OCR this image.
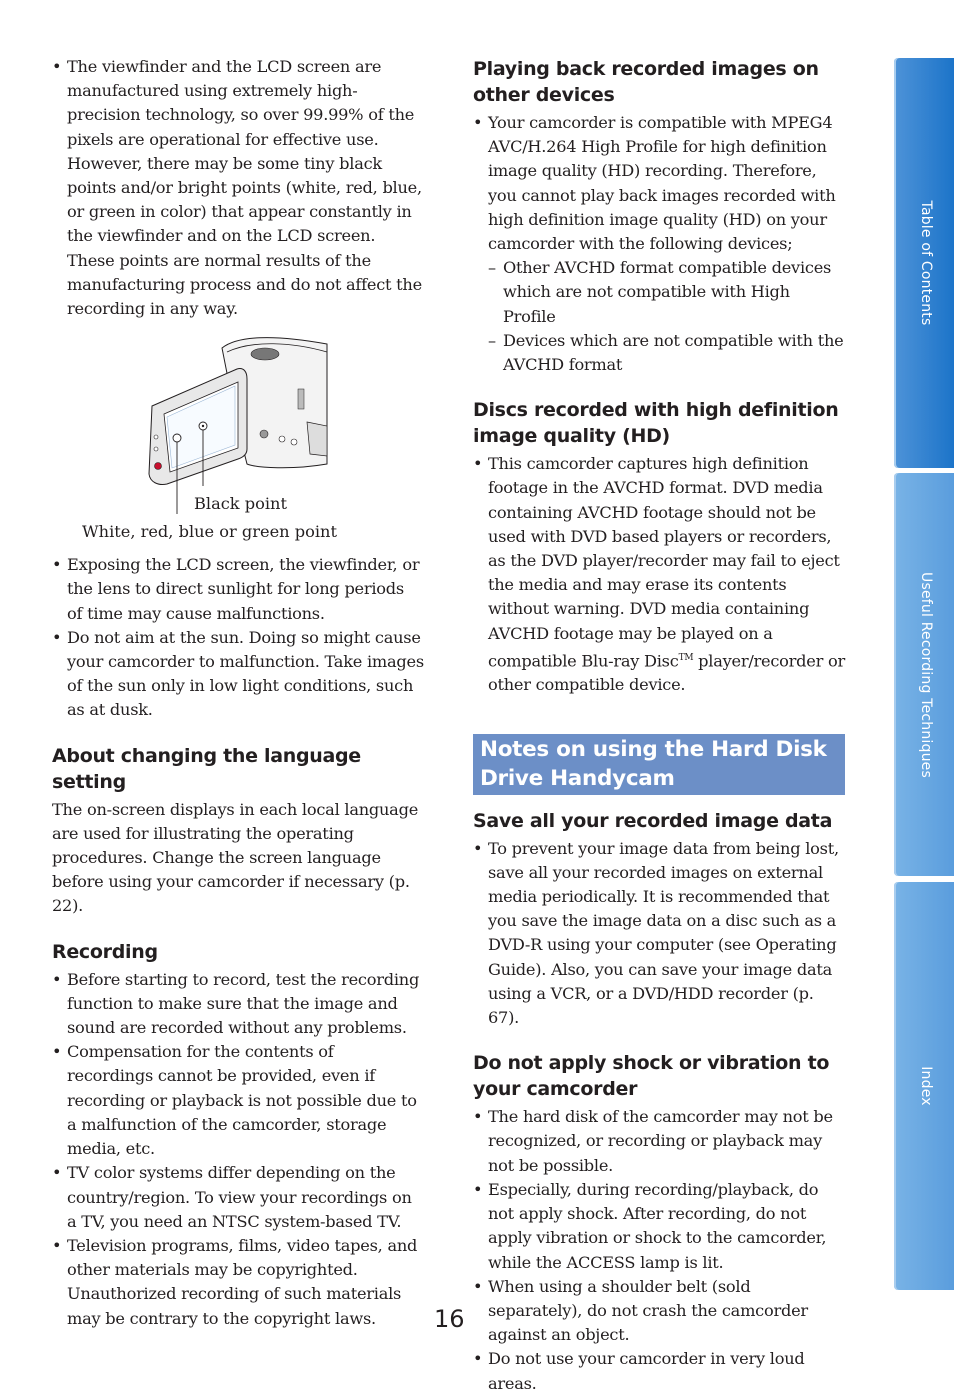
• The viewfinder and the LCD screen are manufactured using extremely high-precision technology, so over 99.99% of the pixels are operational for effective use. However, there may be some tiny black points and/or bright points (white, red, blue, or green in color) that appear constantly in the viewfinder and on the LCD screen. These points are normal results of the manufacturing process and do not affect the recording in any way.
Black point
White, red, blue or green point
• Exposing the LCD screen, the viewfinder, or the lens to direct sunlight for long periods of time may cause malfunctions.
• Do not aim at the sun. Doing so might cause your camcorder to malfunction. Take images of the sun only in low light conditions, such as at dusk.
About changing the language setting

The on-screen displays in each local language are used for illustrating the operating procedures. Change the screen language before using your camcorder if necessary (p. 22).

Recording
• Before starting to record, test the recording function to make sure that the image and sound are recorded without any problems.
• Compensation for the contents of recordings cannot be provided, even if recording or playback is not possible due to a malfunction of the camcorder, storage media, etc.
• TV color systems differ depending on the country/region. To view your recordings on a TV, you need an NTSC system-based TV.
• Television programs, films, video tapes, and other materials may be copyrighted. Unauthorized recording of such materials may be contrary to the copyright laws.
Playing back recorded images on other devices
• Your camcorder is compatible with MPEG4 AVC/H.264 High Profile for high definition image quality (HD) recording. Therefore, you cannot play back images recorded with high definition image quality (HD) on your camcorder with the following devices;
– Other AVCHD format compatible devices which are not compatible with High Profile
– Devices which are not compatible with the AVCHD format
Discs recorded with high definition image quality (HD)
• This camcorder captures high definition footage in the AVCHD format. DVD media containing AVCHD footage should not be used with DVD based players or recorders, as the DVD player/recorder may fail to eject the media and may erase its contents without warning. DVD media containing AVCHD footage may be played on a compatible Blu-ray Disc™ player/recorder or other compatible device.
Notes on using the Hard Disk Drive Handycam
Save all your recorded image data
• To prevent your image data from being lost, save all your recorded images on external media periodically. It is recommended that you save the image data on a disc such as a DVD-R using your computer (see Operating Guide). Also, you can save your image data using a VCR, or a DVD/HDD recorder (p. 67).
Do not apply shock or vibration to your camcorder
• The hard disk of the camcorder may not be recognized, or recording or playback may not be possible.
• Especially, during recording/playback, do not apply shock. After recording, do not apply vibration or shock to the camcorder, while the ACCESS lamp is lit.
• When using a shoulder belt (sold separately), do not crash the camcorder against an object.
• Do not use your camcorder in very loud areas.
Table of Contents
Useful Recording Techniques
Index
16
